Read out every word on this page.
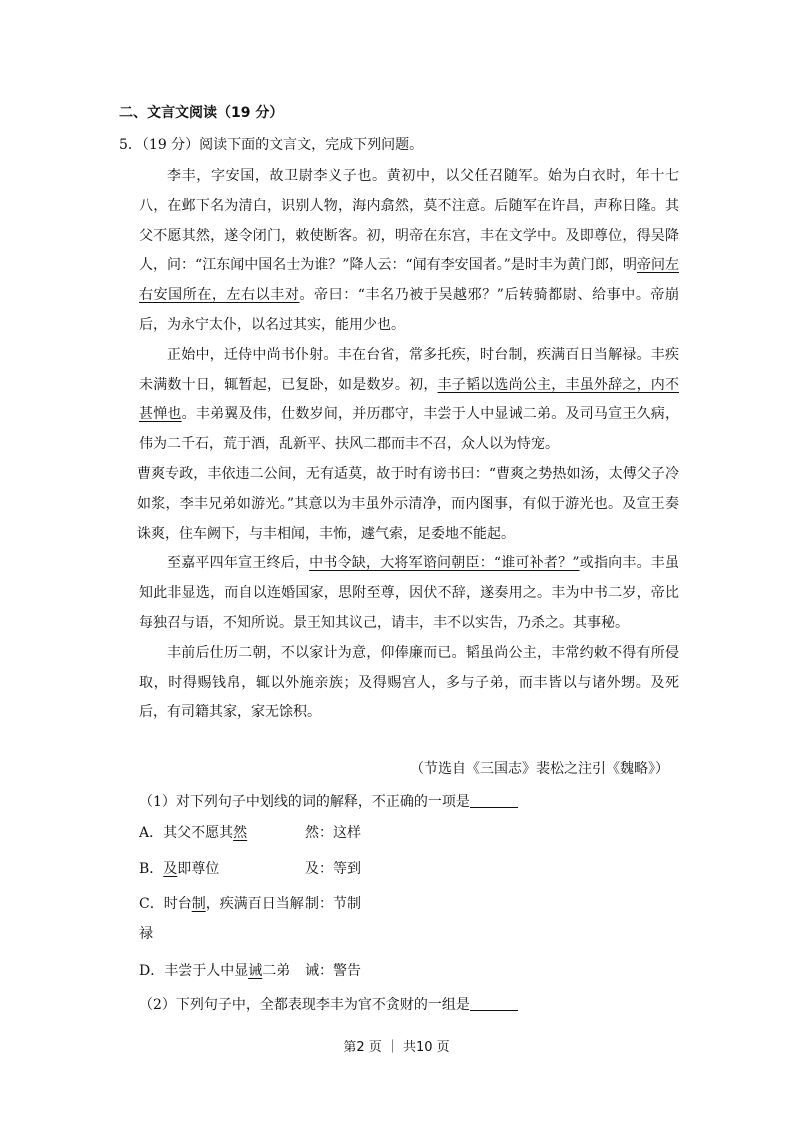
二、文言文阅读（19 分）
5．（19 分）阅读下面的文言文，完成下列问题。

李丰，字安国，故卫尉李义子也。黄初中，以父任召随军。始为白衣时，年十七八，在邺下名为清白，识别人物，海内翕然，莫不注意。后随军在许昌，声称日隆。其父不愿其然，遂令闭门，敕使断客。初，明帝在东宫，丰在文学中。及即尊位，得吴降人，问：“江东闻中国名士为谁？”降人云：“闻有李安国者。”是时丰为黄门郎，明帝问左右安国所在，左右以丰对。帝曰：“丰名乃被于吴越邪？”后转骑都尉、给事中。帝崩后，为永宁太仆，以名过其实，能用少也。

正始中，迁侍中尚书仆射。丰在台省，常多托疾，时台制，疾满百日当解禄。丰疾未满数十日，辄暂起，已复卧，如是数岁。初，丰子韬以选尚公主，丰虽外辞之，内不甚惮也。丰弟翼及伟，仕数岁间，并历郡守，丰尝于人中显诫二弟。及司马宣王久病，伟为二千石，荒于酒，乱新平、扶风二郡而丰不召，众人以为恃宠。

曹爽专政，丰依违二公间，无有适莫，故于时有谤书曰：“曹爽之势热如汤，太傅父子冷如浆，李丰兄弟如游光。”其意以为丰虽外示清净，而内图事，有似于游光也。及宣王奏诛爽，住车阙下，与丰相闻，丰怖，遽气索，足委地不能起。

至嘉平四年宣王终后，中书令缺，大将军谘问朝臣：“谁可补者？”或指向丰。丰虽知此非显选，而自以连婚国家，思附至尊，因伏不辞，遂奏用之。丰为中书二岁，帝比每独召与语，不知所说。景王知其议己，请丰，丰不以实告，乃杀之。其事秘。

丰前后仕历二朝，不以家计为意，仰俸廉而已。韬虽尚公主，丰常约敕不得有所侵取，时得赐钱帛，辄以外施亲族；及得赐宫人，多与子弟，而丰皆以与诸外甥。及死后，有司籍其家，家无馀积。

（节选自《三国志》裴松之注引《魏略》）
（1）对下列句子中划线的词的解释，不正确的一项是
A．其父不愿其然	然：这样
B．及即尊位	及：等到
C．时台制，疾满百日当解 制：节制
禄
D．丰尝于人中显诫二弟 诫：警告
（2）下列句子中，全都表现李丰为官不贪财的一组是
第2 页 ｜ 共10 页
